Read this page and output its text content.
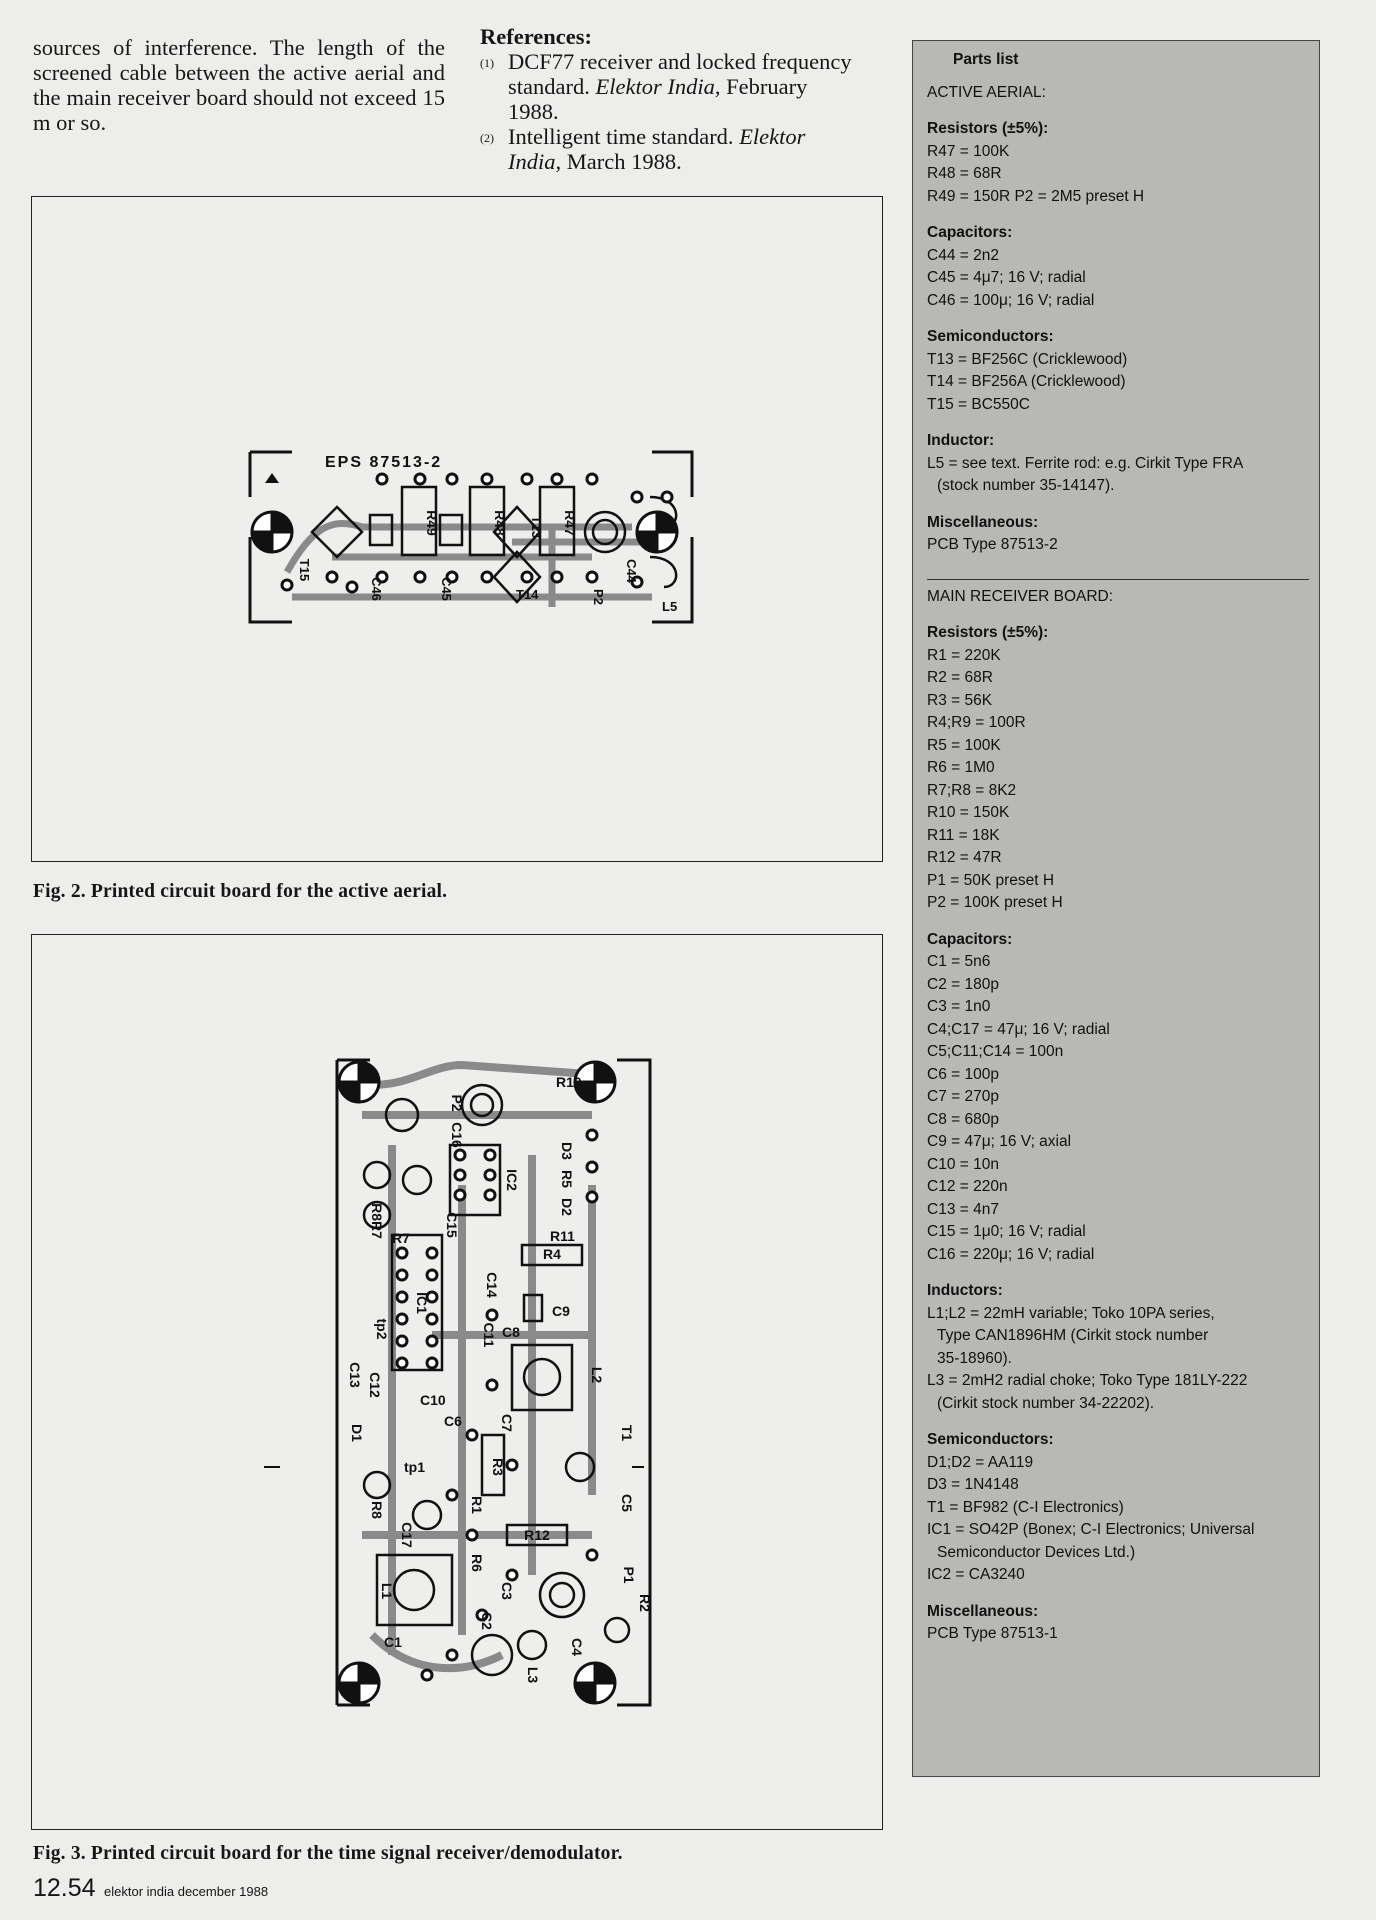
sources of interference. The length of the screened cable between the active aerial and the main receiver board should not exceed 15 m or so.
References:
(1) DCF77 receiver and locked frequency standard. Elektor India, February 1988.
(2) Intelligent time standard. Elektor India, March 1988.
EPS 87513-2
R49	R48	R47
T13
T14
T15
C46	C45
C44
P2
L5
Fig. 2. Printed circuit board for the active aerial.
R10
P2
C16
IC2
D3
R5
D2
R11
R4
C9
C14
IC1
C8
C11
L2
C12
C13
C10
C6	C7
T1
D1
tp1
tp2
R3
C5
R12
R1
C17
R6
P1
R2
C3
C2
L1
C1
L3
C4
R8
R8R7	C15
R7
Fig. 3. Printed circuit board for the time signal receiver/demodulator.
12.54 elektor india december 1988
Parts list
ACTIVE AERIAL:
Resistors (±5%):
R47 = 100K
R48 = 68R
R49 = 150R P2 = 2M5 preset H
Capacitors:
C44 = 2n2
C45 = 4μ7; 16 V; radial
C46 = 100μ; 16 V; radial
Semiconductors:
T13 = BF256C (Cricklewood)
T14 = BF256A (Cricklewood)
T15 = BC550C
Inductor:
L5 = see text. Ferrite rod: e.g. Cirkit Type FRA
(stock number 35-14147).
Miscellaneous:
PCB Type 87513-2
MAIN RECEIVER BOARD:
Resistors (±5%):
R1 = 220K
R2 = 68R
R3 = 56K
R4;R9 = 100R
R5 = 100K
R6 = 1M0
R7;R8 = 8K2
R10 = 150K
R11 = 18K
R12 = 47R
P1 = 50K preset H
P2 = 100K preset H
Capacitors:
C1 = 5n6
C2 = 180p
C3 = 1n0
C4;C17 = 47μ; 16 V; radial
C5;C11;C14 = 100n
C6 = 100p
C7 = 270p
C8 = 680p
C9 = 47μ; 16 V; axial
C10 = 10n
C12 = 220n
C13 = 4n7
C15 = 1μ0; 16 V; radial
C16 = 220μ; 16 V; radial
Inductors:
L1;L2 = 22mH variable; Toko 10PA series,
Type CAN1896HM (Cirkit stock number
35-18960).
L3 = 2mH2 radial choke; Toko Type 181LY-222
(Cirkit stock number 34-22202).
Semiconductors:
D1;D2 = AA119
D3 = 1N4148
T1 = BF982 (C-I Electronics)
IC1 = SO42P (Bonex; C-I Electronics; Universal
Semiconductor Devices Ltd.)
IC2 = CA3240
Miscellaneous:
PCB Type 87513-1
